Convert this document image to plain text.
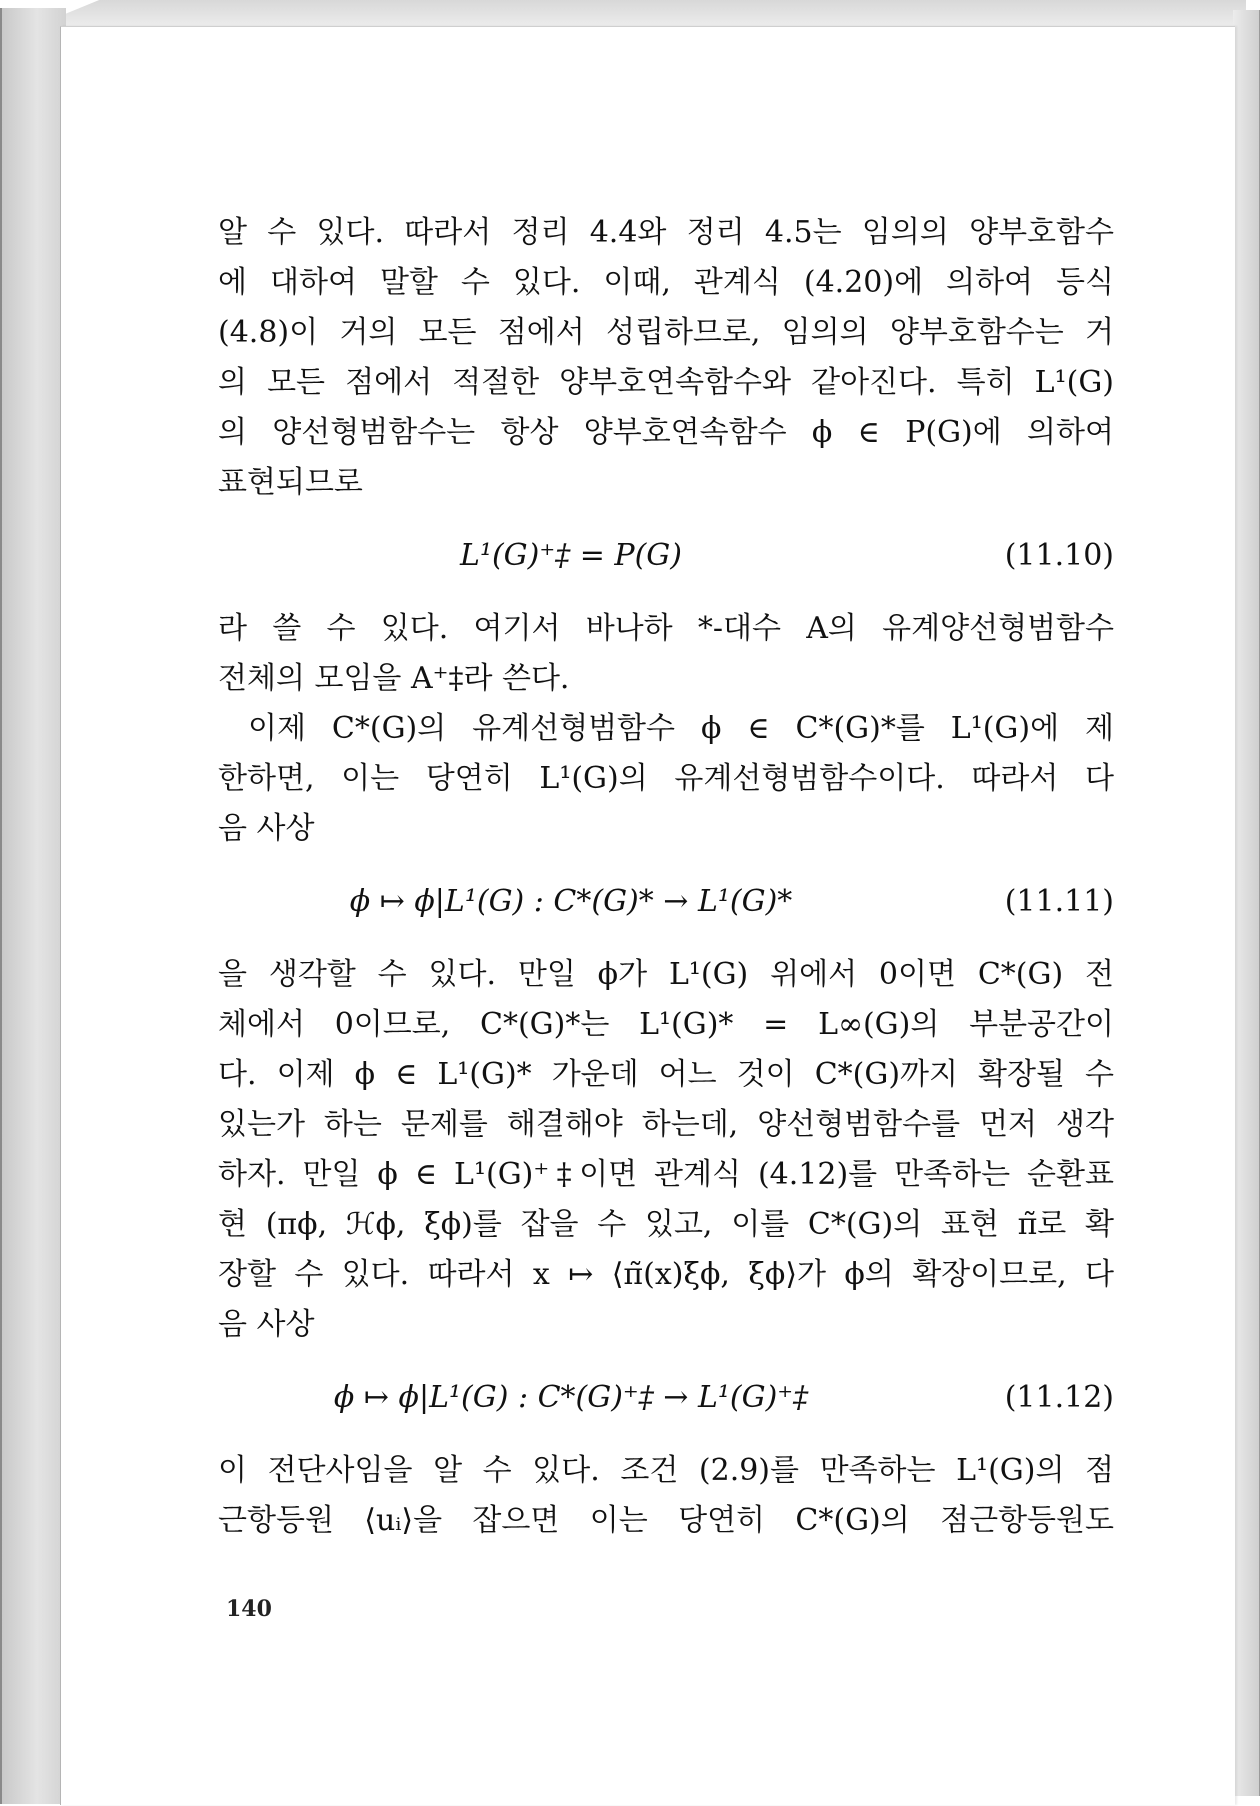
알 수 있다. 따라서 정리 4.4와 정리 4.5는 임의의 양부호함수
에 대하여 말할 수 있다. 이때, 관계식 (4.20)에 의하여 등식
(4.8)이 거의 모든 점에서 성립하므로, 임의의 양부호함수는 거
의 모든 점에서 적절한 양부호연속함수와 같아진다. 특히 L¹(G)
의 양선형범함수는 항상 양부호연속함수 ϕ ∈ P(G)에 의하여
표현되므로
L¹(G)⁺‡ = P(G)	(11.10)
라 쓸 수 있다. 여기서 바나하 *-대수 A의 유계양선형범함수
전체의 모임을 A⁺‡라 쓴다.
이제 C*(G)의 유계선형범함수 ϕ ∈ C*(G)*를 L¹(G)에 제
한하면, 이는 당연히 L¹(G)의 유계선형범함수이다. 따라서 다
음 사상
ϕ ↦ ϕ|L¹(G) : C*(G)* → L¹(G)*	(11.11)
을 생각할 수 있다. 만일 ϕ가 L¹(G) 위에서 0이면 C*(G) 전
체에서 0이므로, C*(G)*는 L¹(G)* = L∞(G)의 부분공간이
다. 이제 ϕ ∈ L¹(G)* 가운데 어느 것이 C*(G)까지 확장될 수
있는가 하는 문제를 해결해야 하는데, 양선형범함수를 먼저 생각
하자. 만일 ϕ ∈ L¹(G)⁺‡이면 관계식 (4.12)를 만족하는 순환표
현 (πϕ, ℋϕ, ξϕ)를 잡을 수 있고, 이를 C*(G)의 표현 π̃로 확
장할 수 있다. 따라서 x ↦ ⟨π̃(x)ξϕ, ξϕ⟩가 ϕ의 확장이므로, 다
음 사상
ϕ ↦ ϕ|L¹(G) : C*(G)⁺‡ → L¹(G)⁺‡	(11.12)
이 전단사임을 알 수 있다. 조건 (2.9)를 만족하는 L¹(G)의 점
근항등원 ⟨uᵢ⟩을 잡으면 이는 당연히 C*(G)의 점근항등원도
140
